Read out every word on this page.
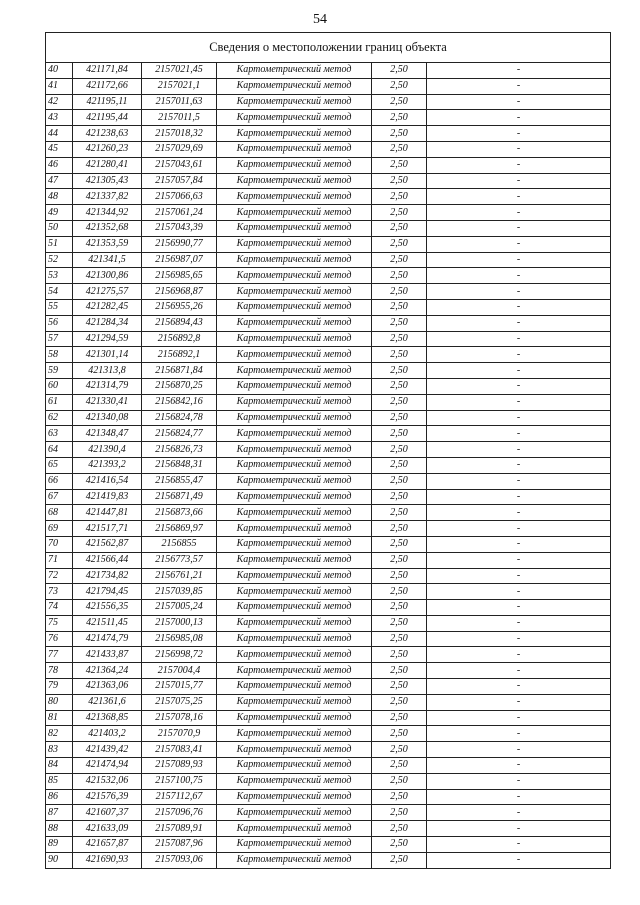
54
Сведения о местоположении границ объекта
40	421171,84	2157021,45	Картометрический метод	2,50	-
41	421172,66	2157021,1	Картометрический метод	2,50	-
42	421195,11	2157011,63	Картометрический метод	2,50	-
43	421195,44	2157011,5	Картометрический метод	2,50	-
44	421238,63	2157018,32	Картометрический метод	2,50	-
45	421260,23	2157029,69	Картометрический метод	2,50	-
46	421280,41	2157043,61	Картометрический метод	2,50	-
47	421305,43	2157057,84	Картометрический метод	2,50	-
48	421337,82	2157066,63	Картометрический метод	2,50	-
49	421344,92	2157061,24	Картометрический метод	2,50	-
50	421352,68	2157043,39	Картометрический метод	2,50	-
51	421353,59	2156990,77	Картометрический метод	2,50	-
52	421341,5	2156987,07	Картометрический метод	2,50	-
53	421300,86	2156985,65	Картометрический метод	2,50	-
54	421275,57	2156968,87	Картометрический метод	2,50	-
55	421282,45	2156955,26	Картометрический метод	2,50	-
56	421284,34	2156894,43	Картометрический метод	2,50	-
57	421294,59	2156892,8	Картометрический метод	2,50	-
58	421301,14	2156892,1	Картометрический метод	2,50	-
59	421313,8	2156871,84	Картометрический метод	2,50	-
60	421314,79	2156870,25	Картометрический метод	2,50	-
61	421330,41	2156842,16	Картометрический метод	2,50	-
62	421340,08	2156824,78	Картометрический метод	2,50	-
63	421348,47	2156824,77	Картометрический метод	2,50	-
64	421390,4	2156826,73	Картометрический метод	2,50	-
65	421393,2	2156848,31	Картометрический метод	2,50	-
66	421416,54	2156855,47	Картометрический метод	2,50	-
67	421419,83	2156871,49	Картометрический метод	2,50	-
68	421447,81	2156873,66	Картометрический метод	2,50	-
69	421517,71	2156869,97	Картометрический метод	2,50	-
70	421562,87	2156855	Картометрический метод	2,50	-
71	421566,44	2156773,57	Картометрический метод	2,50	-
72	421734,82	2156761,21	Картометрический метод	2,50	-
73	421794,45	2157039,85	Картометрический метод	2,50	-
74	421556,35	2157005,24	Картометрический метод	2,50	-
75	421511,45	2157000,13	Картометрический метод	2,50	-
76	421474,79	2156985,08	Картометрический метод	2,50	-
77	421433,87	2156998,72	Картометрический метод	2,50	-
78	421364,24	2157004,4	Картометрический метод	2,50	-
79	421363,06	2157015,77	Картометрический метод	2,50	-
80	421361,6	2157075,25	Картометрический метод	2,50	-
81	421368,85	2157078,16	Картометрический метод	2,50	-
82	421403,2	2157070,9	Картометрический метод	2,50	-
83	421439,42	2157083,41	Картометрический метод	2,50	-
84	421474,94	2157089,93	Картометрический метод	2,50	-
85	421532,06	2157100,75	Картометрический метод	2,50	-
86	421576,39	2157112,67	Картометрический метод	2,50	-
87	421607,37	2157096,76	Картометрический метод	2,50	-
88	421633,09	2157089,91	Картометрический метод	2,50	-
89	421657,87	2157087,96	Картометрический метод	2,50	-
90	421690,93	2157093,06	Картометрический метод	2,50	-
